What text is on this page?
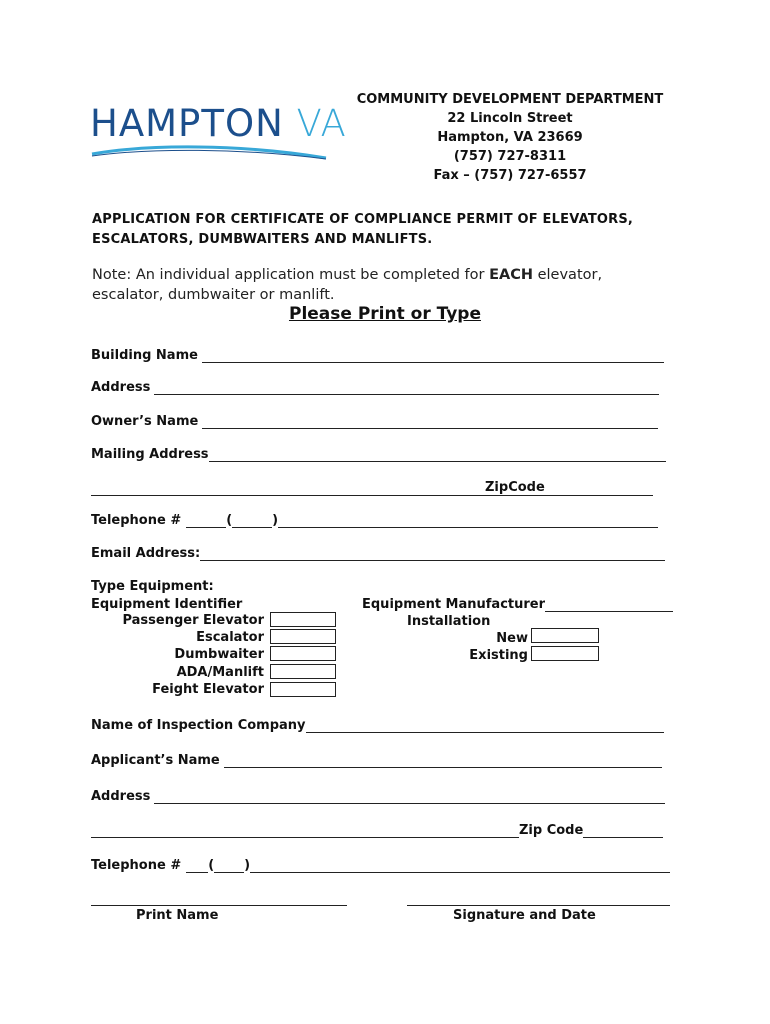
HAMPTON VA
COMMUNITY DEVELOPMENT DEPARTMENT
22 Lincoln Street
Hampton, VA 23669
(757) 727-8311
Fax – (757) 727-6557
APPLICATION FOR CERTIFICATE OF COMPLIANCE PERMIT OF ELEVATORS,
ESCALATORS, DUMBWAITERS AND MANLIFTS.
Note: An individual application must be completed for EACH elevator,
escalator, dumbwaiter or manlift.
Please Print or Type
Building Name
Address
Owner’s Name
Mailing Address
ZipCode
Telephone #	(	)
Email Address:
Type Equipment:
Equipment Identifier
Passenger Elevator
Escalator
Dumbwaiter
ADA/Manlift
Feight Elevator
Equipment Manufacturer
Installation
New
Existing
Name of Inspection Company
Applicant’s Name
Address
Zip Code
Telephone # ( )
Print Name	Signature and Date
